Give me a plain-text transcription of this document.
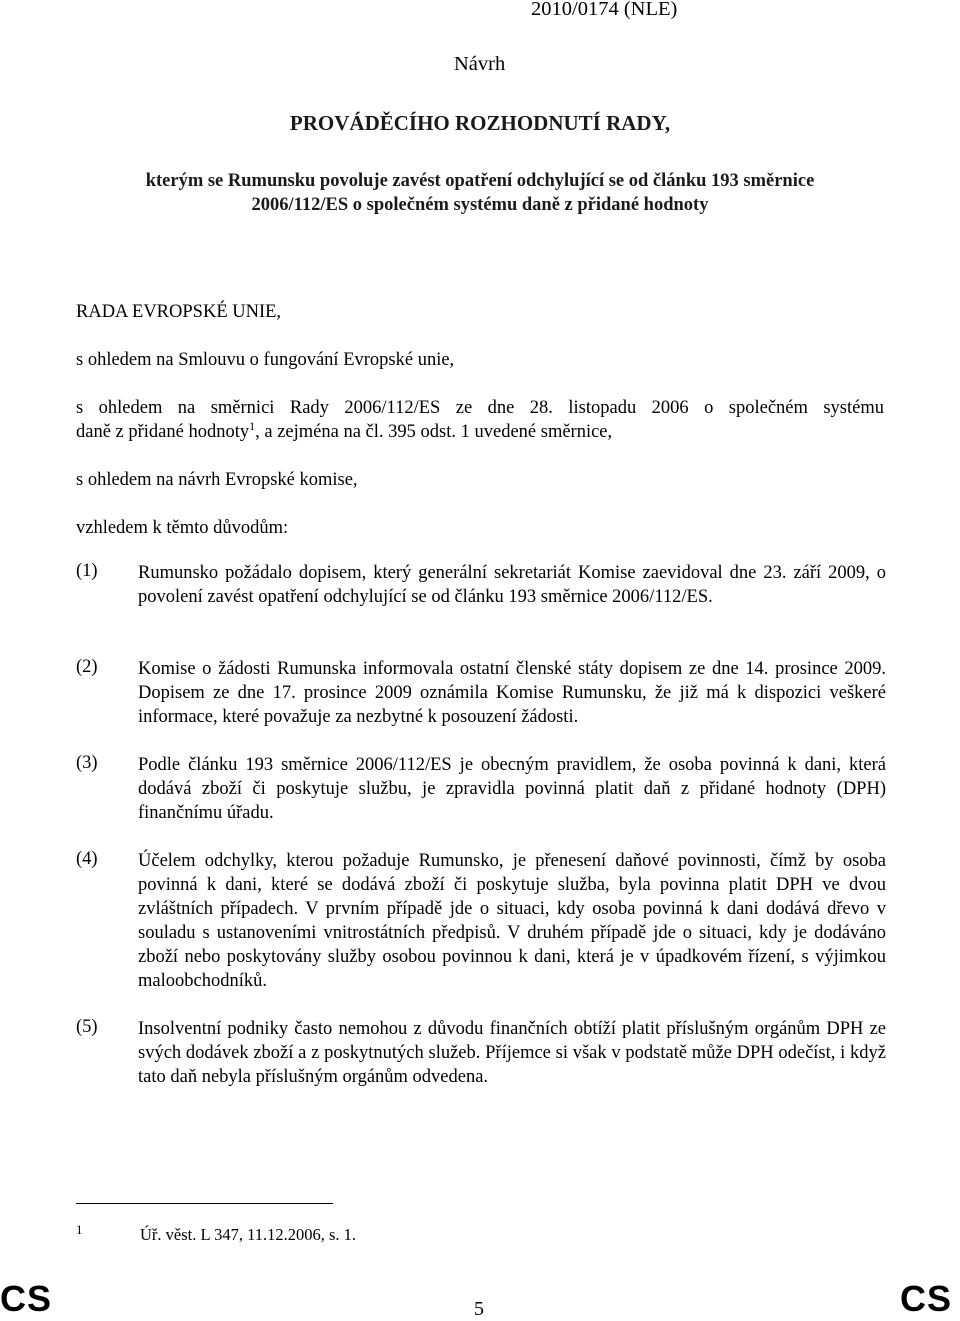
2010/0174 (NLE)
Návrh
PROVÁDĚCÍHO ROZHODNUTÍ RADY,
kterým se Rumunsku povoluje zavést opatření odchylující se od článku 193 směrnice
2006/112/ES o společném systému daně z přidané hodnoty
RADA EVROPSKÉ UNIE,
s ohledem na Smlouvu o fungování Evropské unie,
s ohledem na směrnici Rady 2006/112/ES ze dne 28. listopadu 2006 o společném systému
daně z přidané hodnoty$^1$, a zejména na čl. 395 odst. 1 uvedené směrnice,
s ohledem na návrh Evropské komise,
vzhledem k těmto důvodům:
(1) Rumunsko požádalo dopisem, který generální sekretariát Komise zaevidoval dne 23. září 2009, o povolení zavést opatření odchylující se od článku 193 směrnice 2006/112/ES.
(2) Komise o žádosti Rumunska informovala ostatní členské státy dopisem ze dne 14. prosince 2009. Dopisem ze dne 17. prosince 2009 oznámila Komise Rumunsku, že již má k dispozici veškeré informace, které považuje za nezbytné k posouzení žádosti.
(3) Podle článku 193 směrnice 2006/112/ES je obecným pravidlem, že osoba povinná k dani, která dodává zboží či poskytuje službu, je zpravidla povinná platit daň z přidané hodnoty (DPH) finančnímu úřadu.
(4) Účelem odchylky, kterou požaduje Rumunsko, je přenesení daňové povinnosti, čímž by osoba povinná k dani, které se dodává zboží či poskytuje služba, byla povinna platit DPH ve dvou zvláštních případech. V prvním případě jde o situaci, kdy osoba povinná k dani dodává dřevo v souladu s ustanoveními vnitrostátních předpisů. V druhém případě jde o situaci, kdy je dodáváno zboží nebo poskytovány služby osobou povinnou k dani, která je v úpadkovém řízení, s výjimkou maloobchodníků.
(5) Insolventní podniky často nemohou z důvodu finančních obtíží platit příslušným orgánům DPH ze svých dodávek zboží a z poskytnutých služeb. Příjemce si však v podstatě může DPH odečíst, i když tato daň nebyla příslušným orgánům odvedena.
1	Úř. věst. L 347, 11.12.2006, s. 1.
CS	5	CS
